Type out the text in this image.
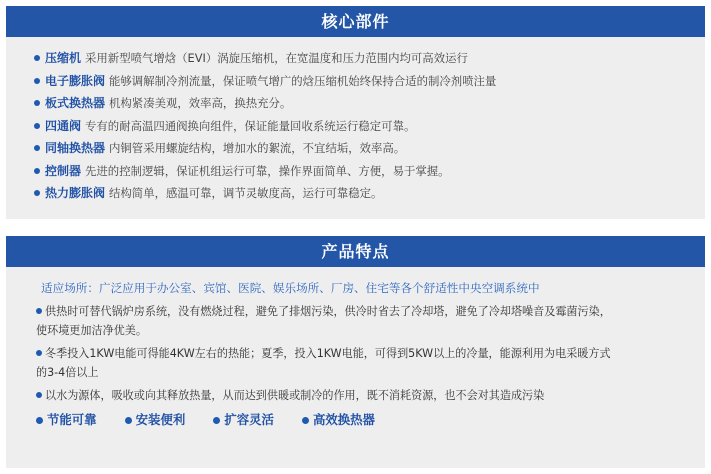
核心部件
压缩机 采用新型喷气增焓（EVI）涡旋压缩机，在宽温度和压力范围内均可高效运行
电子膨胀阀 能够调解制冷剂流量，保证喷气增广的焓压缩机始终保持合适的制冷剂喷注量
板式换热器 机构紧凑美观，效率高，换热充分。
四通阀 专有的耐高温四通阀换向组件，保证能量回收系统运行稳定可靠。
同轴换热器 内铜管采用螺旋结构，增加水的絮流，不宜结垢，效率高。
控制器 先进的控制逻辑，保证机组运行可靠，操作界面简单、方便，易于掌握。
热力膨胀阀 结构简单，感温可靠，调节灵敏度高，运行可靠稳定。
产品特点
适应场所：广泛应用于办公室、宾馆、医院、娱乐场所、厂房、住宅等各个舒适性中央空调系统中

供热时可替代锅炉房系统，没有燃烧过程，避免了排烟污染，供冷时省去了冷却塔，避免了冷却塔噪音及霉菌污染，

使环境更加洁净优美。

冬季投入1KW电能可得能4KW左右的热能；夏季，投入1KW电能，可得到5KW以上的冷量，能源利用为电采暖方式

的3-4倍以上

以水为源体，吸收或向其释放热量，从而达到供暖或制冷的作用，既不消耗资源，也不会对其造成污染

节能可靠	安装便利	扩容灵活	高效换热器
